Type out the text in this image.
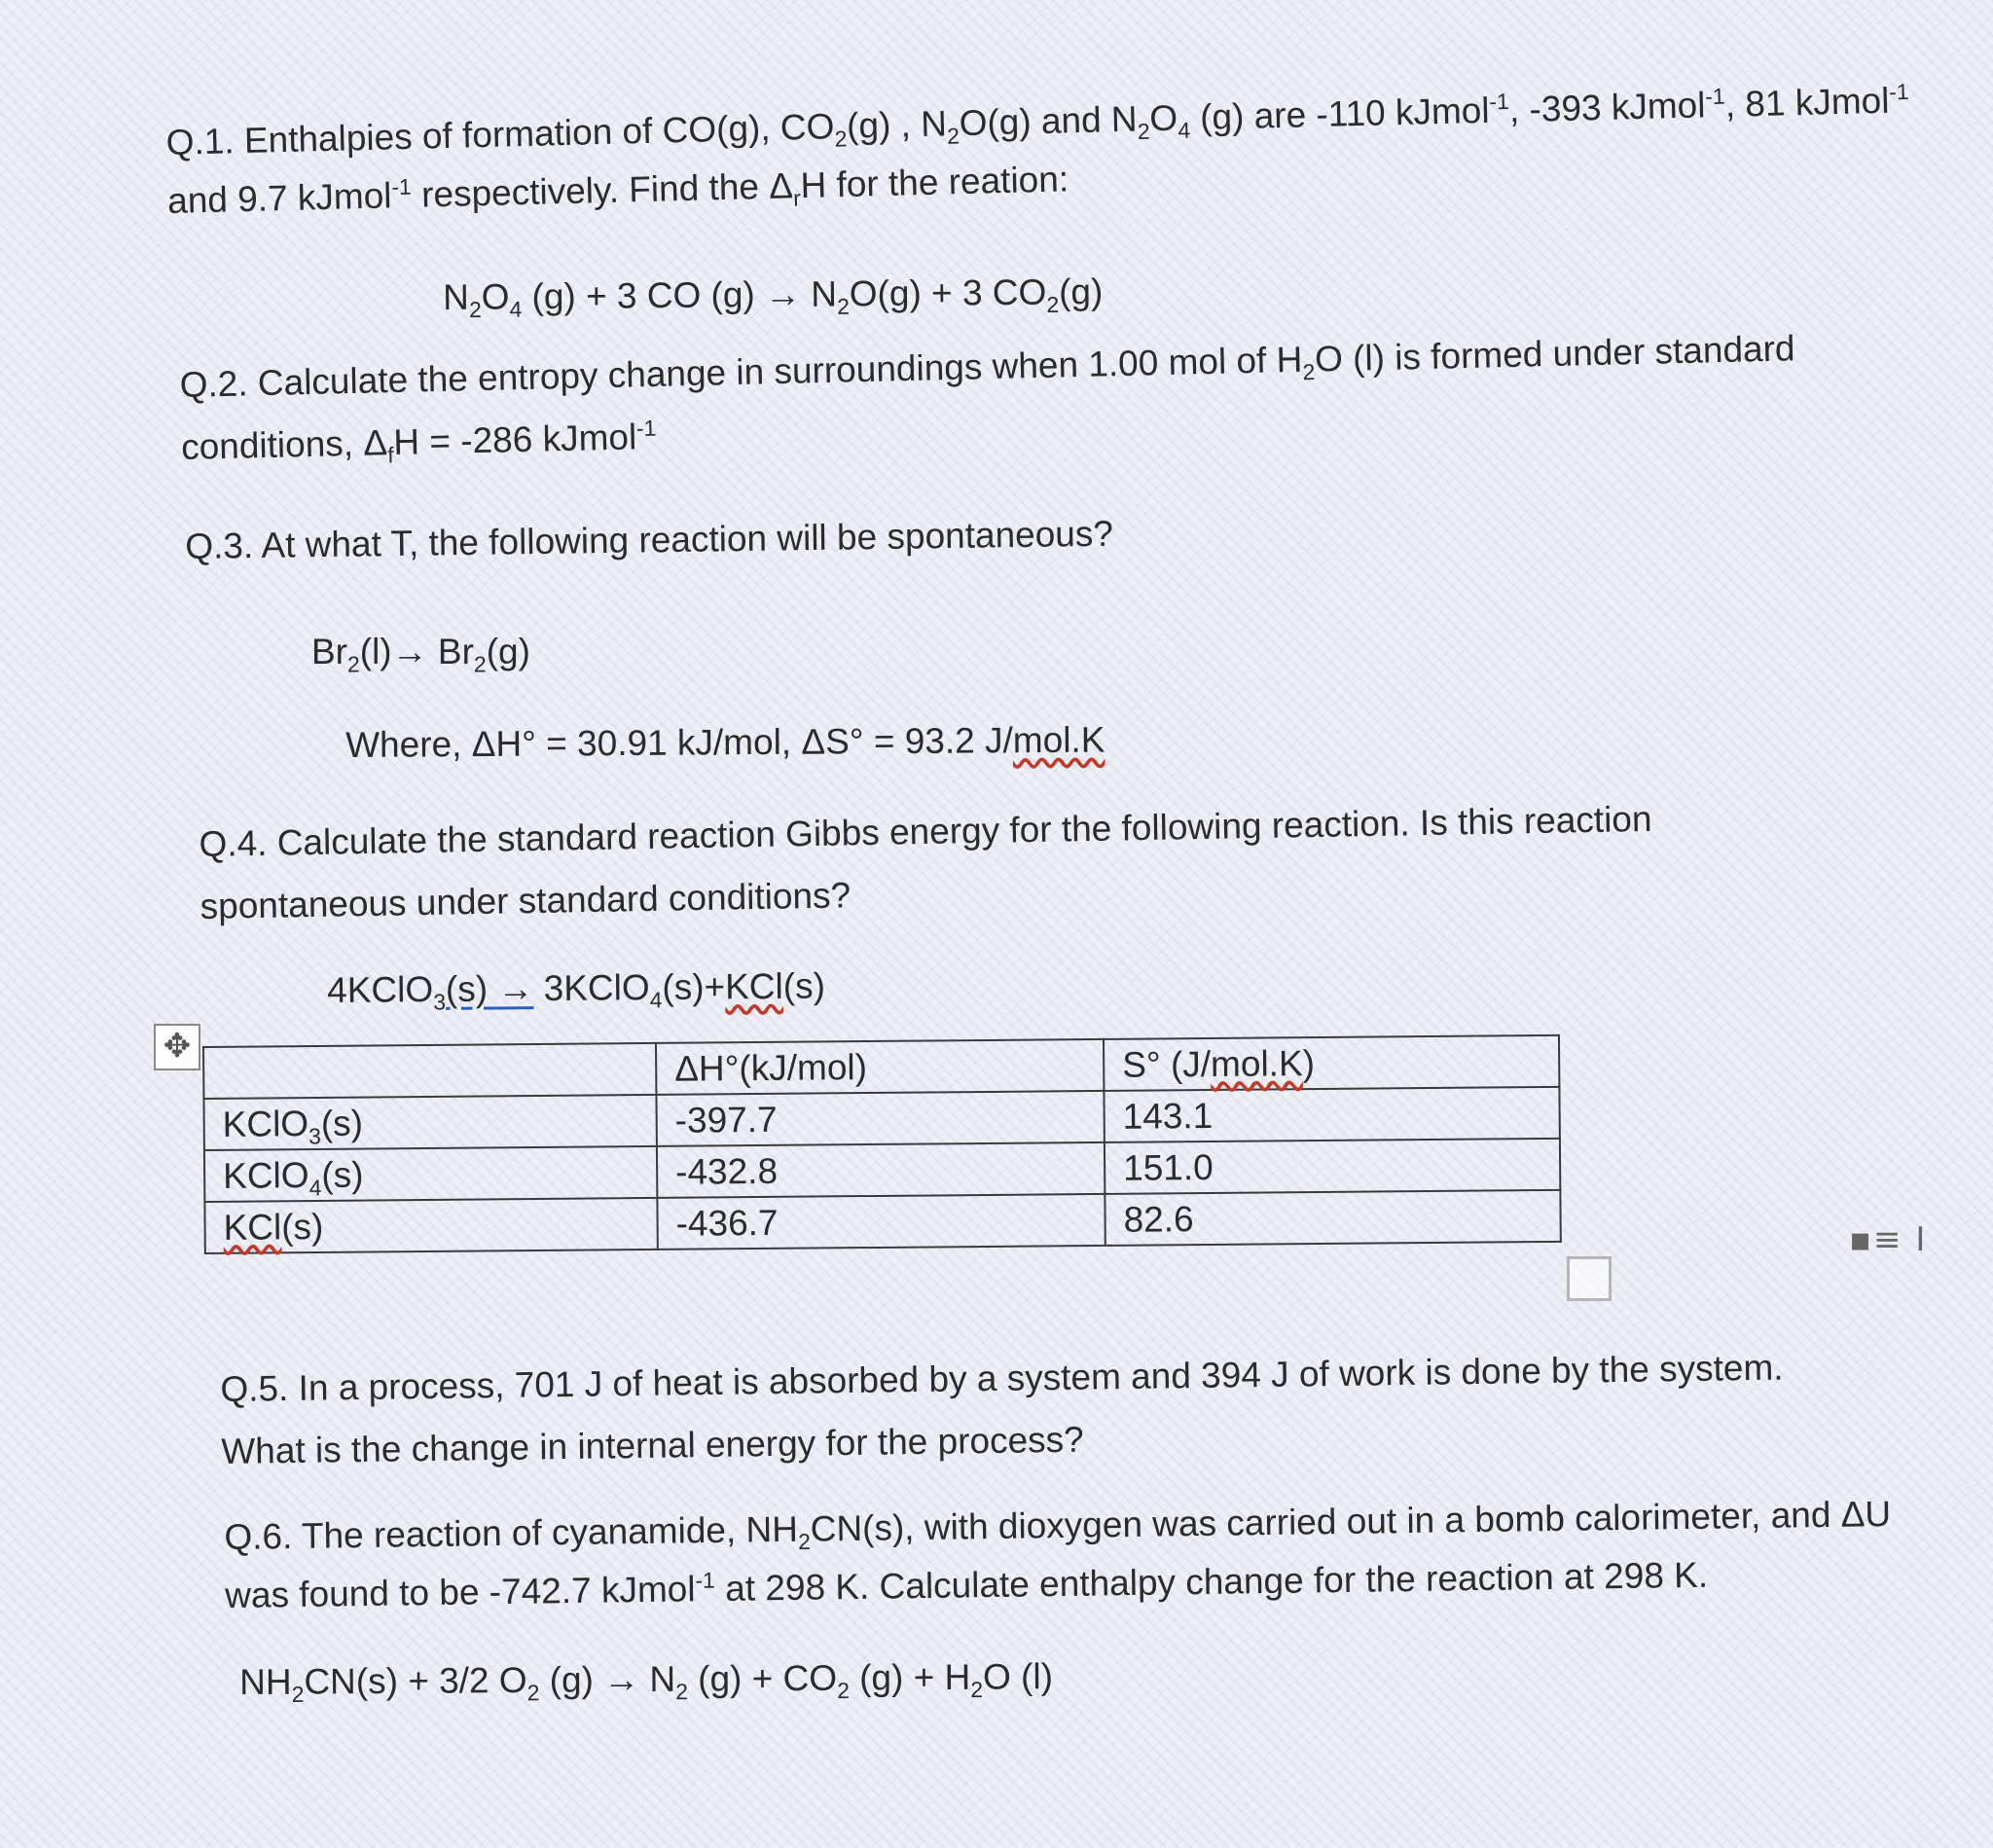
Q.1. Enthalpies of formation of CO(g), $CO_2(g)$ , $N_2O(g)$ and $N_2O_4$ (g) are -110 kJmol$^{-1}$, -393 kJmol$^{-1}$, 81 kJmol$^{-1}$ and 9.7 kJmol$^{-1}$ respectively. Find the $\Delta_rH$ for the reation:

$N_2O_4$ (g) + 3 CO $(g) \to N_2O(g) + 3$ $CO_2(g)$

Q.2. Calculate the entropy change in surroundings when 1.00 mol of $H_2O$ (l) is formed under standard conditions, $\Delta_fH = -286$ kJmol$^{-1}$

Q.3. At what T, the following reaction will be spontaneous?

$Br_2(l)\to Br_2(g)$

Where, ΔH° = 30.91 kJ/mol, ΔS° = 93.2 J/mol.K

Q.4. Calculate the standard reaction Gibbs energy for the following reaction. Is this reaction spontaneous under standard conditions?

4KClO$_3$(s) → 3KClO$_4$(s)+KCl(s)

✥
	ΔH°(kJ/mol)	S° (J/mol.K)
KClO$_3$(s)	-397.7	143.1
KClO$_4$(s)	-432.8	151.0
KCl(s)	-436.7	82.6
▪≡ I

Q.5. In a process, 701 J of heat is absorbed by a system and 394 J of work is done by the system. What is the change in internal energy for the process?

Q.6. The reaction of cyanamide, $NH_2CN(s)$, with dioxygen was carried out in a bomb calorimeter, and ΔU was found to be -742.7 kJmol$^{-1}$ at 298 K. Calculate enthalpy change for the reaction at 298 K.

$NH_2CN(s) + 3/2$ $O_2$ $(g) \to N_2$ $(g) + CO_2$ $(g) + H_2O$ (l)
